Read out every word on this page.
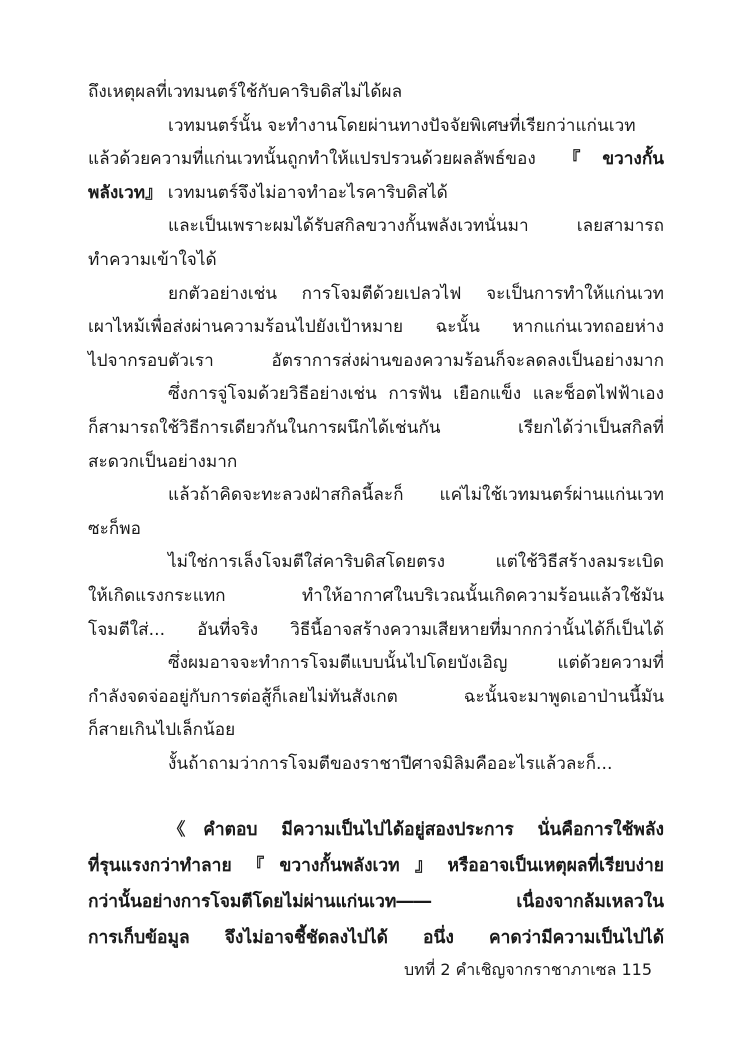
ถึงเหตุผลที่เวทมนตร์ใช้กับคาริบดิสไม่ได้ผล
เวทมนตร์นั้น จะทำงานโดยผ่านทางปัจจัยพิเศษที่เรียกว่าแก่นเวท
แล้วด้วยความที่แก่นเวทนั้นถูกทำให้แปรปรวนด้วยผลลัพธ์ของ 『ขวางกั้น
พลังเวท』 เวทมนตร์จึงไม่อาจทำอะไรคาริบดิสได้
และเป็นเพราะผมได้รับสกิลขวางกั้นพลังเวทนั่นมา เลยสามารถ
ทำความเข้าใจได้
ยกตัวอย่างเช่น การโจมตีด้วยเปลวไฟ จะเป็นการทำให้แก่นเวท
เผาไหม้เพื่อส่งผ่านความร้อนไปยังเป้าหมาย ฉะนั้น หากแก่นเวทถอยห่าง
ไปจากรอบตัวเรา อัตราการส่งผ่านของความร้อนก็จะลดลงเป็นอย่างมาก
ซึ่งการจู่โจมด้วยวิธีอย่างเช่น การฟัน เยือกแข็ง และช็อตไฟฟ้าเอง
ก็สามารถใช้วิธีการเดียวกันในการผนึกได้เช่นกัน เรียกได้ว่าเป็นสกิลที่
สะดวกเป็นอย่างมาก
แล้วถ้าคิดจะทะลวงฝ่าสกิลนี้ละก็ แค่ไม่ใช้เวทมนตร์ผ่านแก่นเวท
ซะก็พอ
ไม่ใช่การเล็งโจมตีใส่คาริบดิสโดยตรง แต่ใช้วิธีสร้างลมระเบิด
ให้เกิดแรงกระแทก ทำให้อากาศในบริเวณนั้นเกิดความร้อนแล้วใช้มัน
โจมตีใส่... อันที่จริง วิธีนี้อาจสร้างความเสียหายที่มากกว่านั้นได้ก็เป็นได้
ซึ่งผมอาจจะทำการโจมตีแบบนั้นไปโดยบังเอิญ แต่ด้วยความที่
กำลังจดจ่ออยู่กับการต่อสู้ก็เลยไม่ทันสังเกต ฉะนั้นจะมาพูดเอาป่านนี้มัน
ก็สายเกินไปเล็กน้อย
งั้นถ้าถามว่าการโจมตีของราชาปีศาจมิลิมคืออะไรแล้วละก็...
《คำตอบ มีความเป็นไปได้อยู่สองประการ นั่นคือการใช้พลัง
ที่รุนแรงกว่าทำลาย『ขวางกั้นพลังเวท』หรืออาจเป็นเหตุผลที่เรียบง่าย
กว่านั้นอย่างการโจมตีโดยไม่ผ่านแก่นเวท―― เนื่องจากล้มเหลวใน
การเก็บข้อมูล จึงไม่อาจชี้ชัดลงไปได้ อนึ่ง คาดว่ามีความเป็นไปได้
บทที่ 2 คำเชิญจากราชาภาเซล 115
